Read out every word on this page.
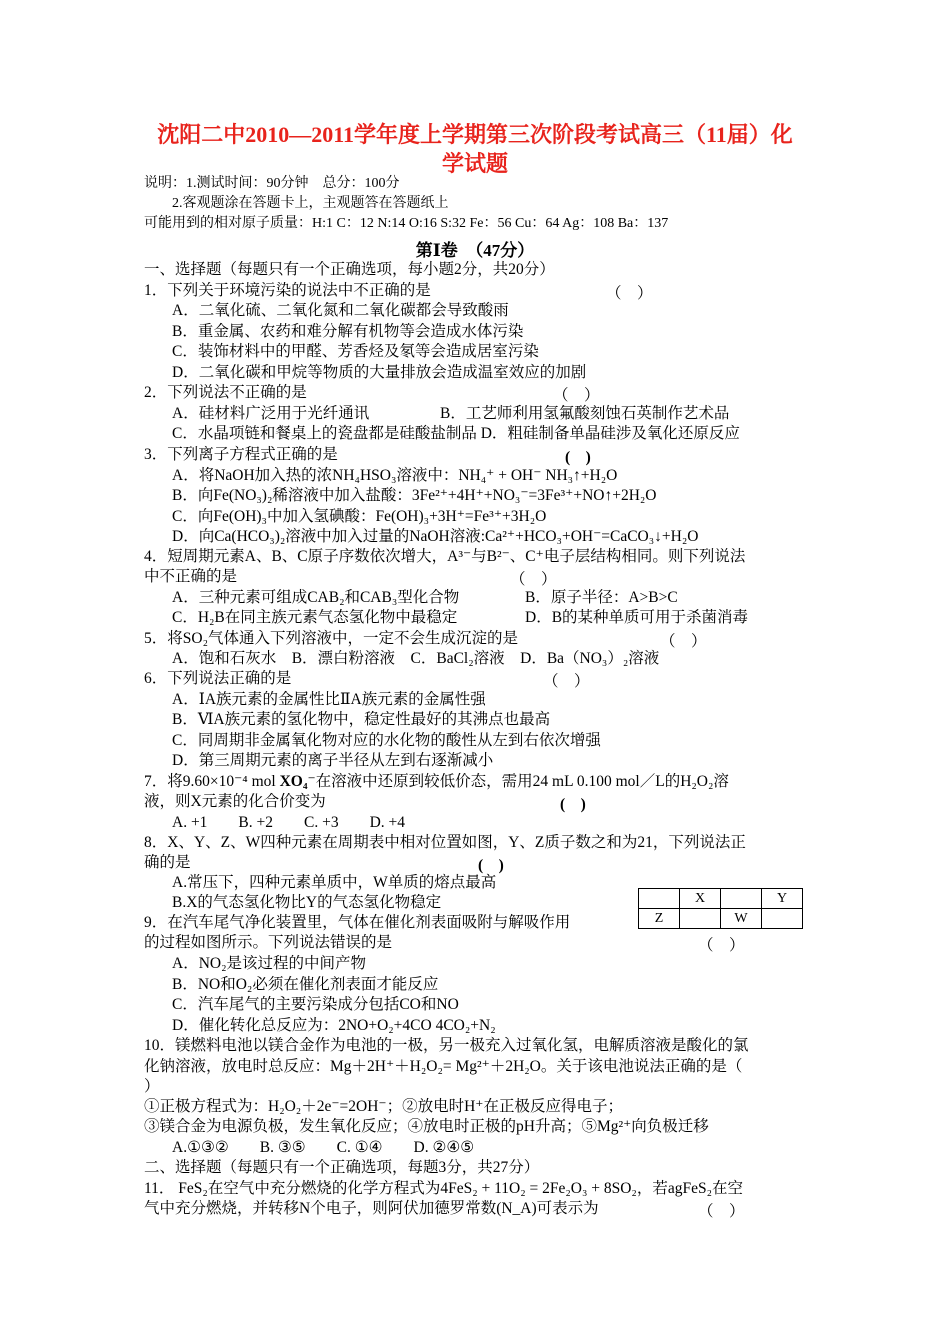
沈阳二中2010—2011学年度上学期第三次阶段考试高三（11届）化
学试题
说明：1.测试时间：90分钟　总分：100分
2.客观题涂在答题卡上，主观题答在答题纸上
可能用到的相对原子质量：H:1 C：12 N:14 O:16 S:32 Fe：56 Cu：64 Ag：108 Ba：137
第Ⅰ卷　（47分）
一、选择题（每题只有一个正确选项，每小题2分，共20分）
1．下列关于环境污染的说法中不正确的是	（　）
A．二氧化硫、二氧化氮和二氧化碳都会导致酸雨
B．重金属、农药和难分解有机物等会造成水体污染
C．装饰材料中的甲醛、芳香烃及氡等会造成居室污染
D．二氧化碳和甲烷等物质的大量排放会造成温室效应的加剧
2．下列说法不正确的是	（　）
A．硅材料广泛用于光纤通讯	B．工艺师利用氢氟酸刻蚀石英制作艺术品
C．水晶项链和餐桌上的瓷盘都是硅酸盐制品 D．粗硅制备单晶硅涉及氧化还原反应
3．下列离子方程式正确的是	(　)
A．将NaOH加入热的浓NH₄HSO₃溶液中：NH₄⁺ + OH⁻ NH₃↑+H₂O
B．向Fe(NO₃)₂稀溶液中加入盐酸：3Fe²⁺+4H⁺+NO₃⁻=3Fe³⁺+NO↑+2H₂O
C．向Fe(OH)₃中加入氢碘酸：Fe(OH)₃+3H⁺=Fe³⁺+3H₂O
D．向Ca(HCO₃)₂溶液中加入过量的NaOH溶液:Ca²⁺+HCO₃+OH⁻=CaCO₃↓+H₂O
4．短周期元素A、B、C原子序数依次增大，A³⁻与B²⁻、C⁺电子层结构相同。则下列说法
中不正确的是	（　）
A．三种元素可组成CAB₂和CAB₃型化合物	B．原子半径：A>B>C
C．H₂B在同主族元素气态氢化物中最稳定	D．B的某种单质可用于杀菌消毒
5．将SO₂气体通入下列溶液中，一定不会生成沉淀的是	（　）
A．饱和石灰水　B．漂白粉溶液　C．BaCl₂溶液　D．Ba（NO₃）₂溶液
6．下列说法正确的是	（　）
A．ⅠA族元素的金属性比ⅡA族元素的金属性强
B．ⅥA族元素的氢化物中，稳定性最好的其沸点也最高
C．同周期非金属氧化物对应的水化物的酸性从左到右依次增强
D．第三周期元素的离子半径从左到右逐渐减小
7．将9.60×10⁻⁴ mol XO₄⁻在溶液中还原到较低价态，需用24 mL 0.100 mol／L的H₂O₂溶
液，则X元素的化合价变为	(　)
A. +1　　B. +2　　C. +3　　D. +4
8．X、Y、Z、W四种元素在周期表中相对位置如图，Y、Z质子数之和为21，下列说法正
确的是	(　)
A.常压下，四种元素单质中，W单质的熔点最高
B.X的气态氢化物比Y的气态氢化物稳定
		X		Y
Z		W	
9．在汽车尾气净化装置里，气体在催化剂表面吸附与解吸作用
的过程如图所示。下列说法错误的是	（　）
A．NO₂是该过程的中间产物
B．NO和O₂必须在催化剂表面才能反应
C．汽车尾气的主要污染成分包括CO和NO
D．催化转化总反应为：2NO+O₂+4CO 4CO₂+N₂
10．镁燃料电池以镁合金作为电池的一极，另一极充入过氧化氢，电解质溶液是酸化的氯
化钠溶液，放电时总反应：Mg＋2H⁺＋H₂O₂= Mg²⁺＋2H₂O。关于该电池说法正确的是（
）
①正极方程式为：H₂O₂＋2e⁻=2OH⁻；②放电时H⁺在正极反应得电子；
③镁合金为电源负极，发生氧化反应；④放电时正极的pH升高；⑤Mg²⁺向负极迁移
A.①③②　　B. ③⑤　　C. ①④　　D. ②④⑤
二、选择题（每题只有一个正确选项，每题3分，共27分）
11． FeS₂在空气中充分燃烧的化学方程式为4FeS₂ + 11O₂ = 2Fe₂O₃ + 8SO₂，若agFeS₂在空
气中充分燃烧，并转移N个电子，则阿伏加德罗常数(N_A)可表示为	（　）
